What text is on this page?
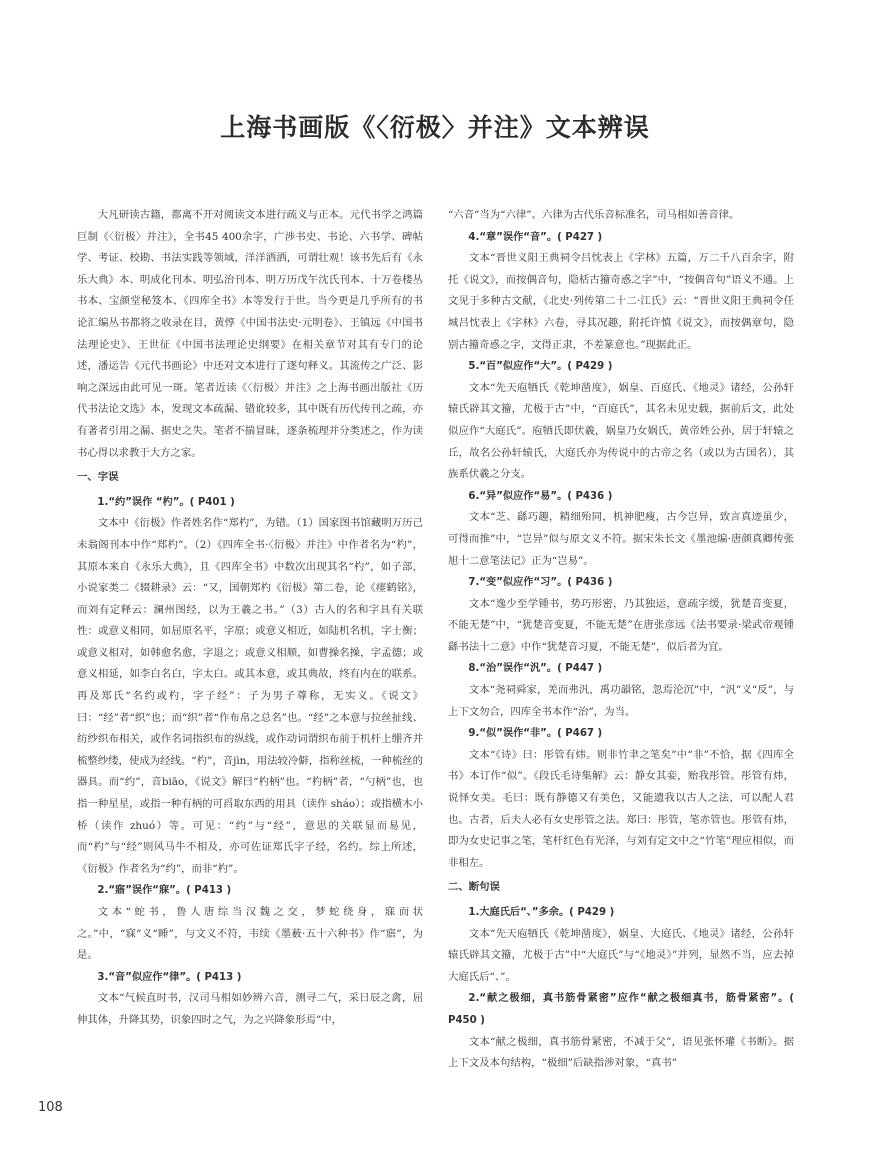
上海书画版《〈衍极〉并注》文本辨误

大凡研读古籍，都离不开对阅读文本进行疏义与正本。元代书学之鸿篇巨制《〈衍极〉并注》，全书45 400余字，广涉书史、书论、六书学、碑帖学、考证、校勘、书法实践等领域，洋洋洒洒，可谓壮观！该书先后有《永乐大典》本、明成化刊本、明弘治刊本、明万历戊午沈氏刊本、十万卷楼丛书本、宝颜堂秘笈本、《四库全书》本等发行于世。当今更是几乎所有的书论汇编丛书都将之收录在目，黄惇《中国书法史·元明卷》、王镇远《中国书法理论史》、王世征《中国书法理论史纲要》在相关章节对其有专门的论述，潘运告《元代书画论》中还对文本进行了逐句释义。其流传之广泛、影响之深远由此可见一斑。笔者近读《〈衍极〉并注》之上海书画出版社《历代书法论文选》本，发现文本疏漏、错讹较多，其中既有历代传刊之疏，亦有著者引用之漏、据史之失。笔者不揣冒昧，逐条梳理并分类述之，作为读书心得以求教于大方之家。

一、字误

1.“约”误作 “杓”。( P401 )

文本中《衍极》作者姓名作“郑杓”，为错。（1）国家图书馆藏明万历己未翁阁刊本中作“郑杓”。（2）《四库全书·〈衍极〉并注》中作者名为“杓”，其原本来自《永乐大典》，且《四库全书》中数次出现其名“杓”，如子部，小说家类二《辍耕录》云：“又，国朝郑杓《衍极》第二卷，论《瘗鹤铭》，而刘有定释云：澜州图经，以为王羲之书。”（3）古人的名和字具有关联性：或意义相同，如屈原名平，字原；或意义相近，如陆机名机，字士衡；或意义相对，如韩愈名愈，字退之；或意义相顺，如曹操名操，字孟德；或意义相延，如李白名白，字太白。或其本意，或其典故，终有内在的联系。再及郑氏“名约或杓，字子经”：子为男子尊称，无实义。《说文》曰：“经”者“织”也；而“织”者“作布帛之总名”也。“经”之本意与拉丝扯线、纺纱织布相关，或作名词指织布的纵线，或作动词谓织布前于机杆上绷齐并梳整纱缕，使成为经线。“杓”，音jìn，用法较冷僻，指称丝梳，一种梳丝的器具。而“约”，音biāo，《说文》解曰“杓柄”也。“杓柄”者，“勺柄”也，也指一种星星，或指一种有柄的可舀取东西的用具（读作 sháo）；或指横木小桥（读作 zhuó）等。可见：“约”与“经”，意思的关联显而易见，而“杓”与“经”则风马牛不相及，亦可佐证郑氏字子经，名约。综上所述，《衍极》作者名为“约”，而非“杓”。

2.“寤”误作“寐”。( P413 )

文本“蛇书，鲁人唐综当汉魏之交，梦蛇绕身，寐而状之。”中，“寐”义“睡”，与文义不符，韦续《墨薮·五十六种书》作“寤”，为是。

3.“音”似应作“律”。( P413 )

文本“气候直时书，汉司马相如妙辨六音，测寻二气，采日辰之禽，屈伸其体，升降其势，识象四时之气，为之兴降象形焉”中，

“六音”当为“六律”。六律为古代乐音标准名，司马相如善音律。

4.“章”误作“音”。( P427 )

文本“晋世义阳王典祠令吕忱表上《字林》五篇，万二千八百余字，附托《说文》，而按偶音句，隐栝古籀奇惑之字”中，“按偶音句”语义不通。上文见于多种古文献，《北史·列传第二十二·江氏》云：“晋世义阳王典祠令任城吕忱表上《字林》六卷，寻其况趣，附托许慎《说文》，而按偶章句，隐别古籀奇惑之字，文得正隶，不差篆意也。”现据此正。

5.“百”似应作“大”。( P429 )

文本“先天庖牺氏《乾坤凿度》，娲皇、百庭氏、《地灵》诸经，公孙轩辕氏辟其文籀，尤极于古”中，“百庭氏”，其名未见史载，据前后文，此处似应作“大庭氏”。庖牺氏即伏羲，娲皇乃女娲氏，黄帝姓公孙，居于轩辕之丘，故名公孙轩辕氏，大庭氏亦为传说中的古帝之名（或以为古国名），其族系伏羲之分支。

6.“异”似应作“易”。( P436 )

文本“芝、繇巧趣，精细殆同，机神肥瘦，古今岂异，致言真迹虽少，可得而推”中，“岂异”似与原文义不符。据宋朱长文《墨池编·唐颜真卿传张旭十二意笔法记》正为“岂易”。

7.“变”似应作“习”。( P436 )

文本“逸少至学锺书，势巧形密，乃其独运，意疏字缓，犹楚音变夏，不能无楚”中，“犹楚音变夏，不能无楚”在唐张彦远《法书要录·梁武帝观锺繇书法十二意》中作“犹楚音习夏，不能无楚”，似后者为宜。

8.“治”误作“汎”。( P447 )

文本“尧祠舜家，羌而弗汎，禹功韻铭，忽焉沦沉”中，“汎”义“反”，与上下文勿合，四库全书本作“治”，为当。

9.“似”误作“非”。( P467 )

文本“《诗》曰：彤管有炜。则非竹聿之笔矣”中“非”不恰，据《四库全书》本订作“似”。《段氏毛诗集解》云：静女其娈，贻我彤管。彤管有炜，说怿女美。毛曰：既有静德又有美色，又能遗我以古人之法，可以配人君也。古者，后夫人必有女史彤管之法。郑曰：彤管，笔赤管也。彤管有炜，即为女史记事之笔，笔杆红色有光泽，与刘有定文中之“竹笔”理应相似，而非相左。

二、断句误

1.大庭氏后“、”多余。( P429 )

文本“先天庖牺氏《乾坤凿度》，娲皇、大庭氏、《地灵》诸经，公孙轩辕氏辟其文籀，尤极于古”中“大庭氏”与“《地灵》”并列，显然不当，应去掉大庭氏后“、”。

2.“献之极细，真书筋骨紧密”应作“献之极细真书，筋骨紧密”。( P450 )

文本“献之极细，真书筋骨紧密，不减于父”，语见张怀瓘《书断》。据上下文及本句结构，“极细”后缺指涉对象，“真书”

108
